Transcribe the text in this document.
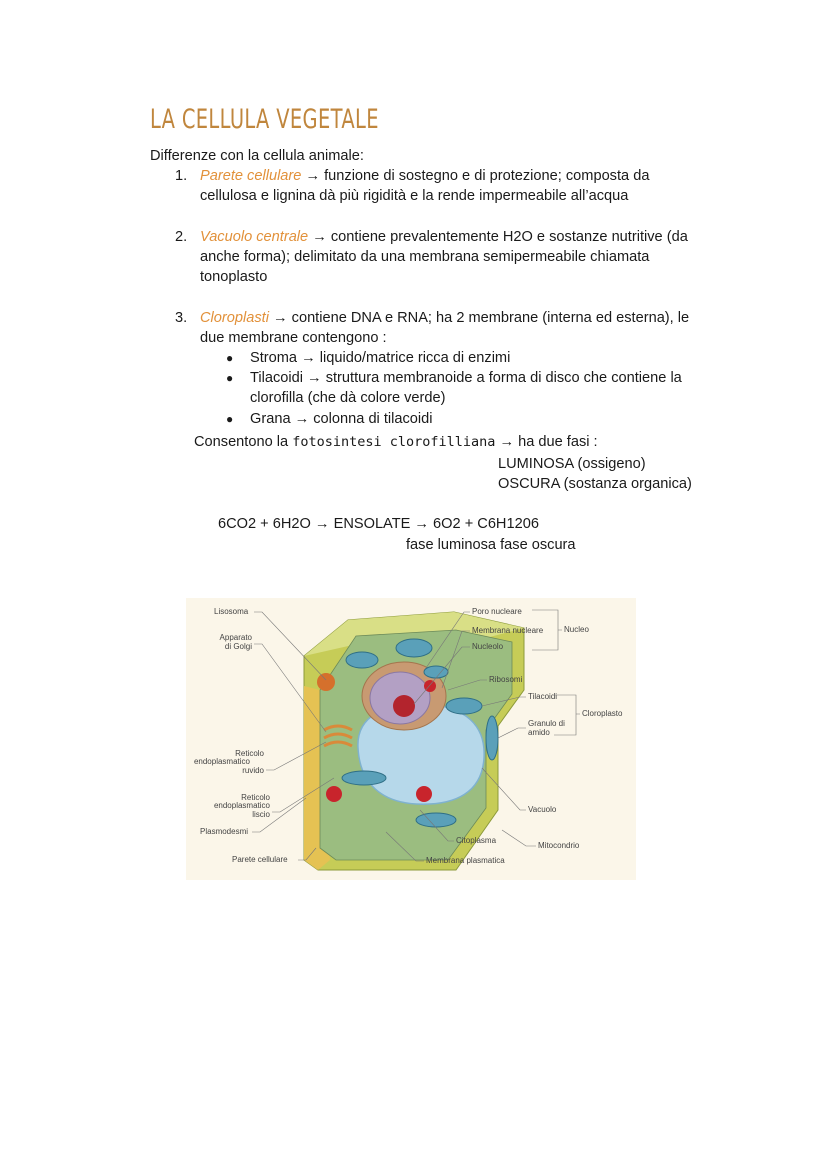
LA CELLULA VEGETALE
Differenze con la cellula animale:
1. Parete cellulare → funzione di sostegno e di protezione; composta da
cellulosa e lignina dà più rigidità e la rende impermeabile all’acqua
2. Vacuolo centrale → contiene prevalentemente H2O e sostanze nutritive (da
anche forma); delimitato da una membrana semipermeabile chiamata
tonoplasto
3. Cloroplasti → contiene DNA e RNA; ha 2 membrane (interna ed esterna), le
due membrane contengono :
● Stroma → liquido/matrice ricca di enzimi
● Tilacoidi → struttura membranoide a forma di disco che contiene la
clorofilla (che dà colore verde)
● Grana → colonna di tilacoidi
Consentono la fotosintesi clorofilliana → ha due fasi :
LUMINOSA (ossigeno)
OSCURA (sostanza organica)
6CO2 + 6H2O → ENSOLATE → 6O2 + C6H1206
fase luminosa fase oscura
Lisosoma
Apparato
di Golgi
Reticolo
endoplasmatico
ruvido
Reticolo
endoplasmatico
liscio
Plasmodesmi
Parete cellulare
Poro nucleare
Membrana nucleare
Nucleolo
Nucleo
Ribosomi
Tilacoidi
Granulo di
amido
Cloroplasto
Vacuolo
Citoplasma
Mitocondrio
Membrana plasmatica
